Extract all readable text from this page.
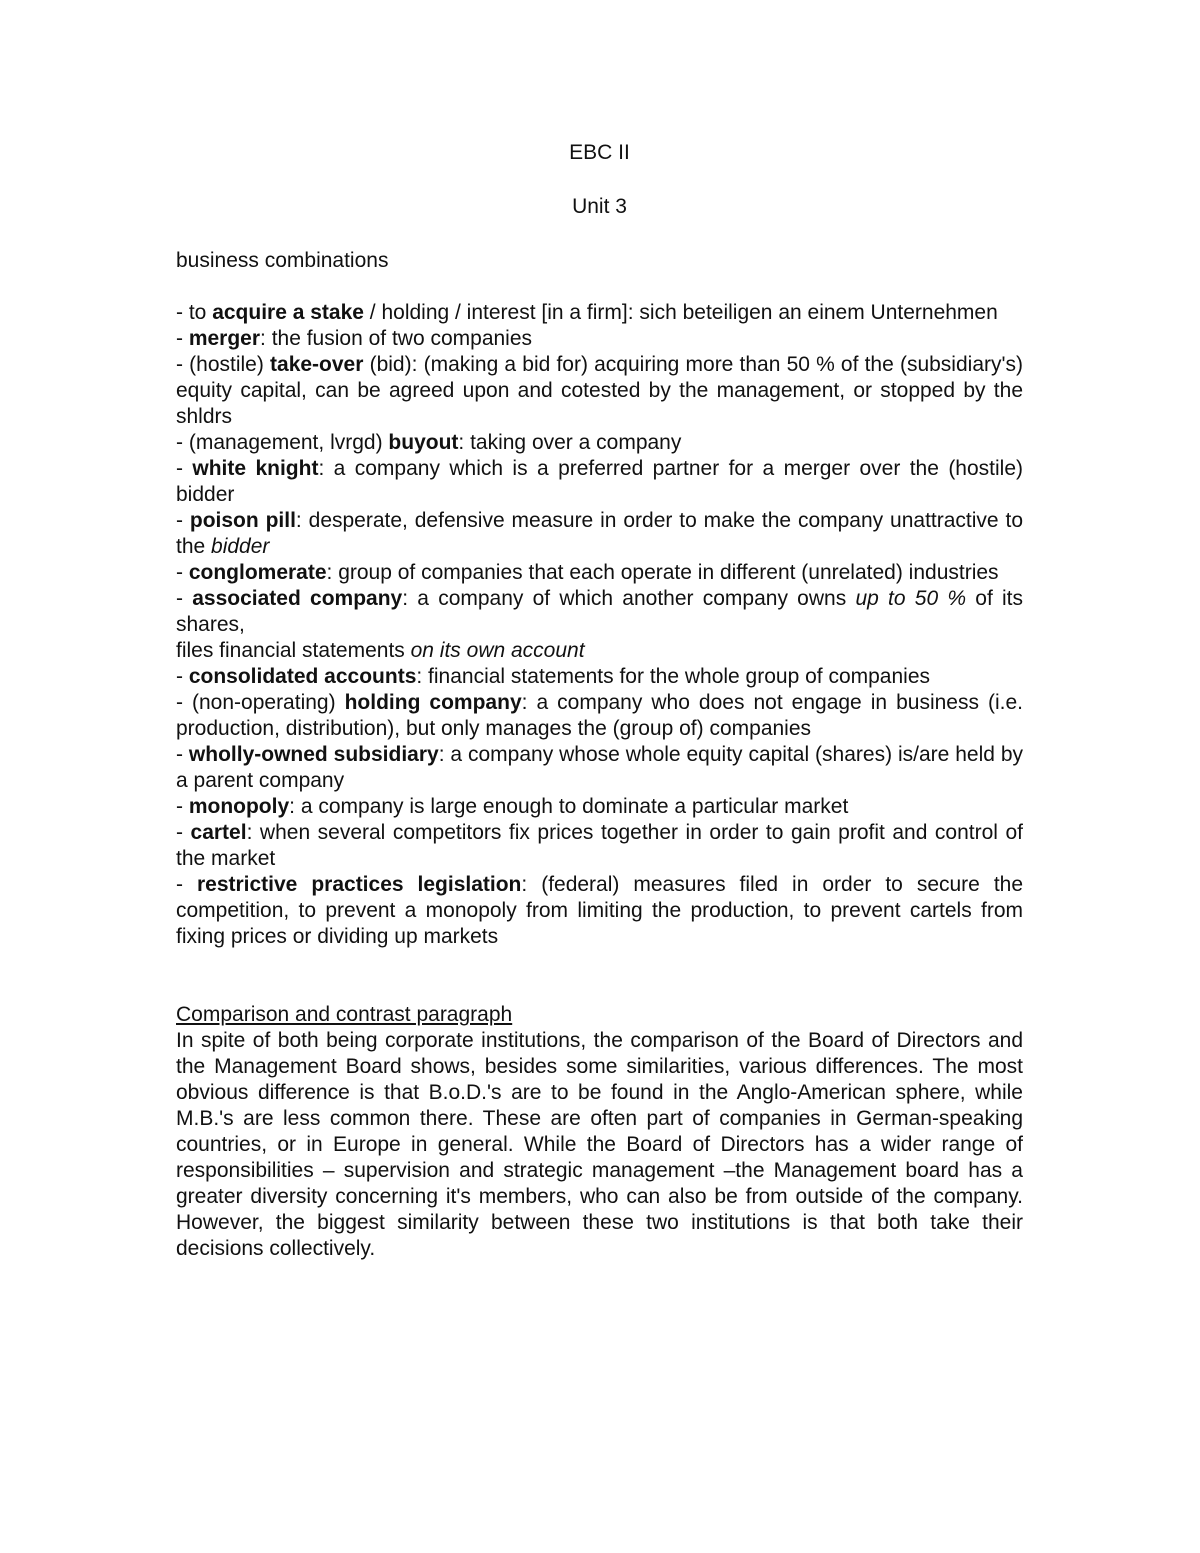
EBC II

Unit 3

business combinations

- to acquire a stake / holding / interest [in a firm]: sich beteiligen an einem Unternehmen

- merger: the fusion of two companies

- (hostile) take-over (bid): (making a bid for) acquiring more than 50 % of the (subsidiary's) equity capital, can be agreed upon and cotested by the management, or stopped by the shldrs

- (management, lvrgd) buyout: taking over a company

- white knight: a company which is a preferred partner for a merger over the (hostile) bidder

- poison pill: desperate, defensive measure in order to make the company unattractive to the bidder

- conglomerate: group of companies that each operate in different (unrelated) industries

- associated company: a company of which another company owns up to 50 % of its shares,

files financial statements on its own account

- consolidated accounts: financial statements for the whole group of companies

- (non-operating) holding company: a company who does not engage in business (i.e. production, distribution), but only manages the (group of) companies

- wholly-owned subsidiary: a company whose whole equity capital (shares) is/are held by a parent company

- monopoly: a company is large enough to dominate a particular market

- cartel: when several competitors fix prices together in order to gain profit and control of the market

- restrictive practices legislation: (federal) measures filed in order to secure the competition, to prevent a monopoly from limiting the production, to prevent cartels from fixing prices or dividing up markets

Comparison and contrast paragraph

In spite of both being corporate institutions, the comparison of the Board of Directors and the Management Board shows, besides some similarities, various differences. The most obvious difference is that B.o.D.'s are to be found in the Anglo-American sphere, while M.B.'s are less common there. These are often part of companies in German-speaking countries, or in Europe in general. While the Board of Directors has a wider range of responsibilities – supervision and strategic management –the Management board has a greater diversity concerning it's members, who can also be from outside of the company. However, the biggest similarity between these two institutions is that both take their decisions collectively.
